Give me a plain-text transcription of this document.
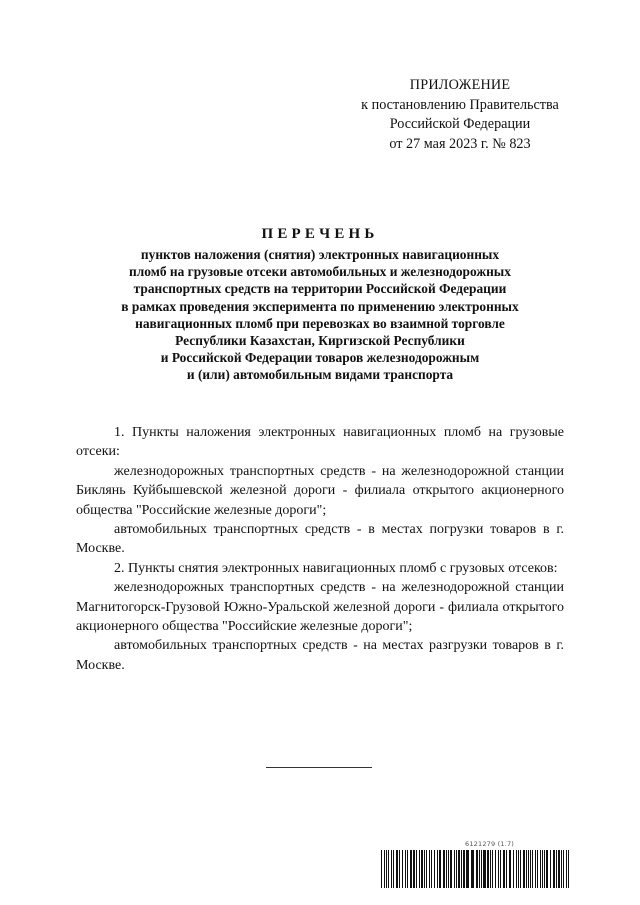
ПРИЛОЖЕНИЕ
к постановлению Правительства
Российской Федерации
от 27 мая 2023 г. № 823
ПЕРЕЧЕНЬ
пунктов наложения (снятия) электронных навигационных
пломб на грузовые отсеки автомобильных и железнодорожных
транспортных средств на территории Российской Федерации
в рамках проведения эксперимента по применению электронных
навигационных пломб при перевозках во взаимной торговле
Республики Казахстан, Киргизской Республики
и Российской Федерации товаров железнодорожным
и (или) автомобильным видами транспорта

1. Пункты наложения электронных навигационных пломб на грузовые отсеки:

железнодорожных транспортных средств - на железнодорожной станции Биклянь Куйбышевской железной дороги - филиала открытого акционерного общества "Российские железные дороги";

автомобильных транспортных средств - в местах погрузки товаров в г. Москве.

2. Пункты снятия электронных навигационных пломб с грузовых отсеков:

железнодорожных транспортных средств - на железнодорожной станции Магнитогорск-Грузовой Южно-Уральской железной дороги - филиала открытого акционерного общества "Российские железные дороги";

автомобильных транспортных средств - на местах разгрузки товаров в г. Москве.

6121279 (1.7)
